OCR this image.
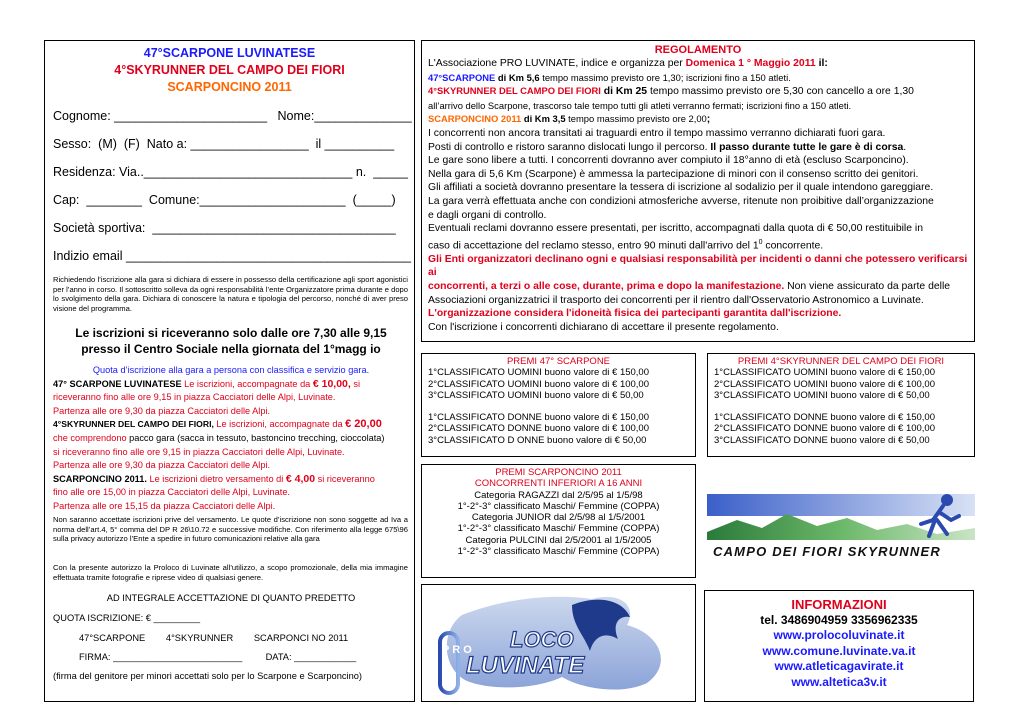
47°SCARPONE LUVINATESE
4°SKYRUNNER DEL CAMPO DEI FIORI
SCARPONCINO 2011
Cognome: ______________________   Nome:______________
Sesso:  (M)  (F)  Nato a: _________________  il __________
Residenza: Via..______________________________ n.  _____
Cap:  ________  Comune:_____________________  (_____)
Società sportiva:  ___________________________________
Indizio email _________________________________________
Richiedendo l’iscrizione alla gara si dichiara di essere in possesso della certificazione agli sport agonistici per l’anno in corso. Il sottoscritto solleva da ogni responsabilità l’ente Organizzatore prima durante e dopo lo svolgimento della gara. Dichiara di conoscere la natura e tipologia del percorso, nonché di aver preso visione del programma.
Le iscrizioni si riceveranno solo dalle ore 7,30 alle 9,15
presso il Centro Sociale nella giornata del 1°magg io
Quota d’iscrizione alla gara a persona con classifica e servizio gara.
47° SCARPONE LUVINATESE Le iscrizioni, accompagnate da € 10,00, si
riceveranno fino alle ore 9,15 in piazza Cacciatori delle Alpi, Luvinate.
Partenza alle ore 9,30 da piazza Cacciatori delle Alpi.
4°SKYRUNNER DEL CAMPO DEI FIORI, Le iscrizioni, accompagnate da € 20,00
che comprendono pacco gara (sacca in tessuto, bastoncino trecching, cioccolata)
si riceveranno fino alle ore 9,15 in piazza Cacciatori delle Alpi, Luvinate.
Partenza alle ore 9,30 da piazza Cacciatori delle Alpi.
SCARPONCINO 2011. Le iscrizioni dietro versamento di € 4,00 si riceveranno
fino alle ore 15,00 in piazza Cacciatori delle Alpi, Luvinate.
Partenza alle ore 15,15 da piazza Cacciatori delle Alpi.
Non saranno accettate iscrizioni prive del versamento. Le quote d’iscrizione non sono soggette ad Iva a norma dell’art.4, 5° comma del DP R 26\10.72 e successive modifiche. Con riferimento alla legge 675\96 sulla privacy autorizzo l’Ente a spedire in futuro comunicazioni relative alla gara
Con la presente autorizzo la Proloco di Luvinate all’utilizzo, a scopo promozionale, della mia immagine effettuata tramite fotografie e riprese video di qualsiasi genere.
AD INTEGRALE ACCETTAZIONE DI QUANTO PREDETTO
QUOTA ISCRIZIONE: € _________
47°SCARPONE        4°SKYRUNNER        SCARPONCI NO 2011
FIRMA: _________________________         DATA: ____________
(firma del genitore per minori accettati solo per lo Scarpone e Scarponcino)
REGOLAMENTO
L'Associazione PRO LUVINATE, indice e organizza per Domenica 1 ° Maggio 2011 il:
47°SCARPONE di Km 5,6 tempo massimo previsto ore 1,30; iscrizioni fino a 150 atleti.
4°SKYRUNNER DEL CAMPO DEI FIORI di Km 25 tempo massimo previsto ore 5,30 con cancello a ore 1,30
all’arrivo dello Scarpone, trascorso tale tempo tutti gli atleti verranno fermati; iscrizioni fino a 150 atleti.
SCARPONCINO 2011 di Km 3,5 tempo massimo previsto ore 2,00;
I concorrenti non ancora transitati ai traguardi entro il tempo massimo verranno dichiarati fuori gara.
Posti di controllo e ristoro saranno dislocati lungo il percorso. Il passo durante tutte le gare è di corsa.
Le gare sono libere a tutti. I concorrenti dovranno aver compiuto il 18°anno di età (escluso Scarponcino).
Nella gara di 5,6 Km (Scarpone) è ammessa la partecipazione di minori con il consenso scritto dei genitori.
Gli affiliati a società dovranno presentare la tessera di iscrizione al sodalizio per il quale intendono gareggiare.
La gara verrà effettuata anche con condizioni atmosferiche avverse, ritenute non proibitive dall’organizzazione
e dagli organi di controllo.
Eventuali reclami dovranno essere presentati, per iscritto, accompagnati dalla quota di € 50,00 restituibile in
caso di accettazione del reclamo stesso, entro 90 minuti dall'arrivo del $1^0$ concorrente.
Gli Enti organizzatori declinano ogni e qualsiasi responsabilità per incidenti o danni che potessero verificarsi ai
concorrenti, a terzi o alle cose, durante, prima e dopo la manifestazione. Non viene assicurato da parte delle
Associazioni organizzatrici il trasporto dei concorrenti per il rientro dall'Osservatorio Astronomico a Luvinate.
L'organizzazione considera l'idoneità fisica dei partecipanti garantita dall'iscrizione.
Con l'iscrizione i concorrenti dichiarano di accettare il presente regolamento.
PREMI 47° SCARPONE
1°CLASSIFICATO UOMINI buono valore di € 150,00
2°CLASSIFICATO UOMINI buono valore di € 100,00
3°CLASSIFICATO UOMINI buono valore di € 50,00
1°CLASSIFICATO DONNE buono valore di € 150,00
2°CLASSIFICATO DONNE buono valore di € 100,00
3°CLASSIFICATO D ONNE buono valore di € 50,00
PREMI 4°SKYRUNNER DEL CAMPO DEI FIORI
1°CLASSIFICATO UOMINI buono valore di € 150,00
2°CLASSIFICATO UOMINI buono valore di € 100,00
3°CLASSIFICATO UOMINI buono valore di € 50,00
1°CLASSIFICATO DONNE buono valore di € 150,00
2°CLASSIFICATO DONNE buono valore di € 100,00
3°CLASSIFICATO DONNE buono valore di € 50,00
PREMI SCARPONCINO 2011
CONCORRENTI INFERIORI A 16 ANNI
Categoria RAGAZZI dal 2/5/95 al 1/5/98
1°-2°-3° classificato Maschi/ Femmine (COPPA)
Categoria JUNIOR dal 2/5/98 al 1/5/2001
1°-2°-3° classificato Maschi/ Femmine (COPPA)
Categoria PULCINI dal 2/5/2001 al 1/5/2005
1°-2°-3° classificato Maschi/ Femmine (COPPA)
P R O LOCO
LUVINATE
CAMPO DEI FIORI SKYRUNNER
INFORMAZIONI
tel. 3486904959 3356962335
www.prolocoluvinate.it
www.comune.luvinate.va.it
www.atleticagavirate.it
www.altetica3v.it
